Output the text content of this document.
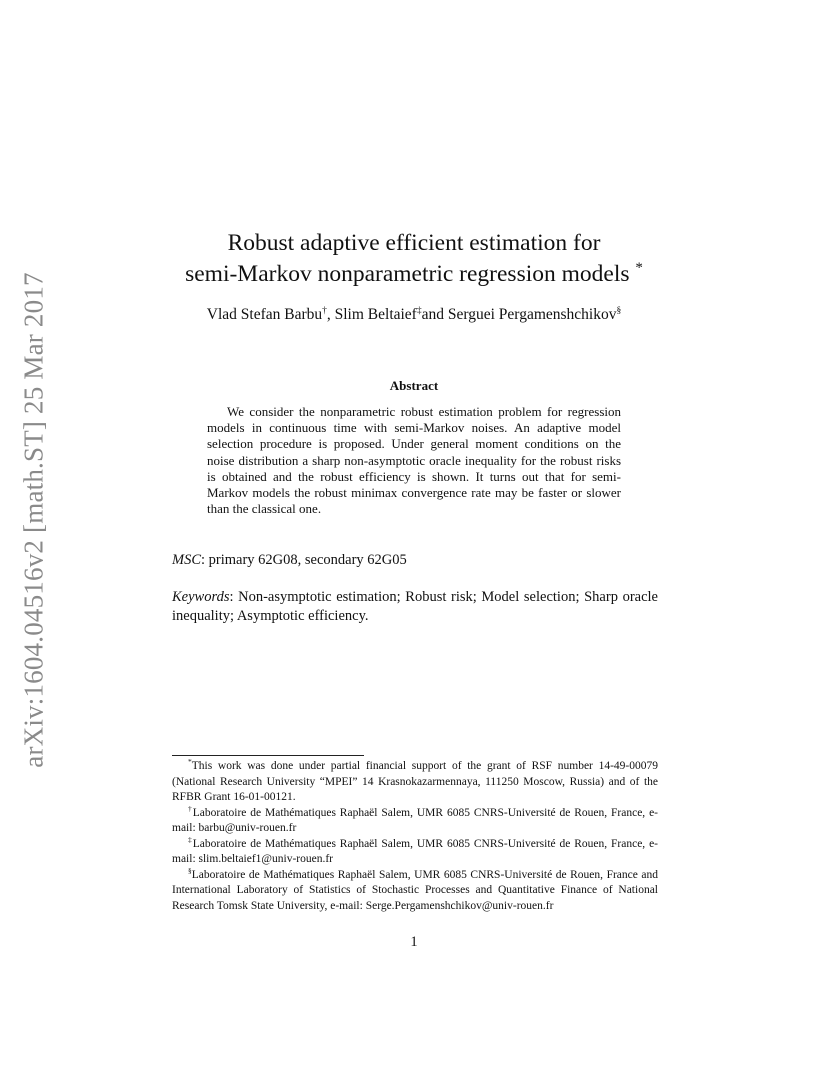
arXiv:1604.04516v2 [math.ST] 25 Mar 2017
Robust adaptive efficient estimation for
semi-Markov nonparametric regression models *
Vlad Stefan Barbu†, Slim Beltaief‡and Serguei Pergamenshchikov§
Abstract

We consider the nonparametric robust estimation problem for regression models in continuous time with semi-Markov noises. An adaptive model selection procedure is proposed. Under general moment conditions on the noise distribution a sharp non-asymptotic oracle inequality for the robust risks is obtained and the robust efficiency is shown. It turns out that for semi-Markov models the robust minimax convergence rate may be faster or slower than the classical one.

MSC: primary 62G08, secondary 62G05
Keywords: Non-asymptotic estimation; Robust risk; Model selection; Sharp oracle inequality; Asymptotic efficiency.

*This work was done under partial financial support of the grant of RSF number 14-49-00079 (National Research University “MPEI” 14 Krasnokazarmennaya, 111250 Moscow, Russia) and of the RFBR Grant 16-01-00121.

†Laboratoire de Mathématiques Raphaël Salem, UMR 6085 CNRS-Université de Rouen, France, e-mail: barbu@univ-rouen.fr

‡Laboratoire de Mathématiques Raphaël Salem, UMR 6085 CNRS-Université de Rouen, France, e-mail: slim.beltaief1@univ-rouen.fr

§Laboratoire de Mathématiques Raphaël Salem, UMR 6085 CNRS-Université de Rouen, France and International Laboratory of Statistics of Stochastic Processes and Quantitative Finance of National Research Tomsk State University, e-mail: Serge.Pergamenshchikov@univ-rouen.fr

1
